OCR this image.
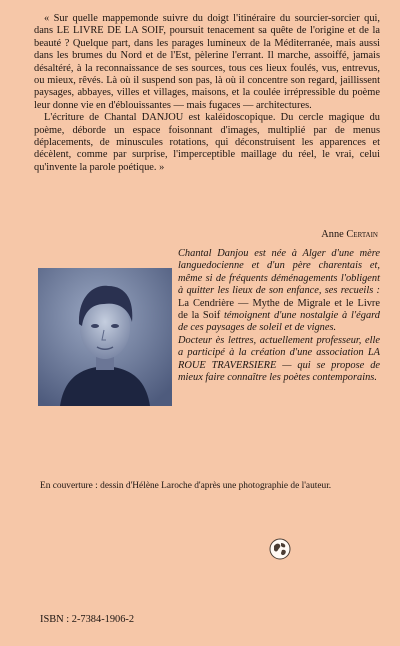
« Sur quelle mappemonde suivre du doigt l'itinéraire du sourcier-sorcier qui, dans LE LIVRE DE LA SOIF, poursuit tenacement sa quête de l'origine et de la beauté ? Quelque part, dans les parages lumineux de la Méditerranée, mais aussi dans les brumes du Nord et de l'Est, pèlerine l'errant. Il marche, assoiffé, jamais désaltéré, à la reconnaissance de ses sources, tous ces lieux foulés, vus, entrevus, ou mieux, rêvés. Là où il suspend son pas, là où il concentre son regard, jaillissent paysages, abbayes, villes et villages, maisons, et la coulée irrépressible du poème leur donne vie en d'éblouissantes — mais fugaces — architectures.

L'écriture de Chantal DANJOU est kaléidoscopique. Du cercle magique du poème, déborde un espace foisonnant d'images, multiplié par de menus déplacements, de minuscules rotations, qui déconstruisent les apparences et décèlent, comme par surprise, l'imperceptible maillage du réel, le vrai, celui qu'invente la parole poétique. »

Anne Certain

Chantal Danjou est née à Alger d'une mère languedocienne et d'un père charentais et, même si de fréquents déménagements l'obligent à quitter les lieux de son enfance, ses recueils : La Cendrière — Mythe de Migrale et le Livre de la Soif témoignent d'une nostalgie à l'égard de ces paysages de soleil et de vignes.

Docteur ès lettres, actuellement professeur, elle a participé à la création d'une association LA ROUE TRAVERSIERE — qui se propose de mieux faire connaître les poètes contemporains.

En couverture : dessin d'Hélène Laroche d'après une photographie de l'auteur.
ISBN : 2-7384-1906-2
